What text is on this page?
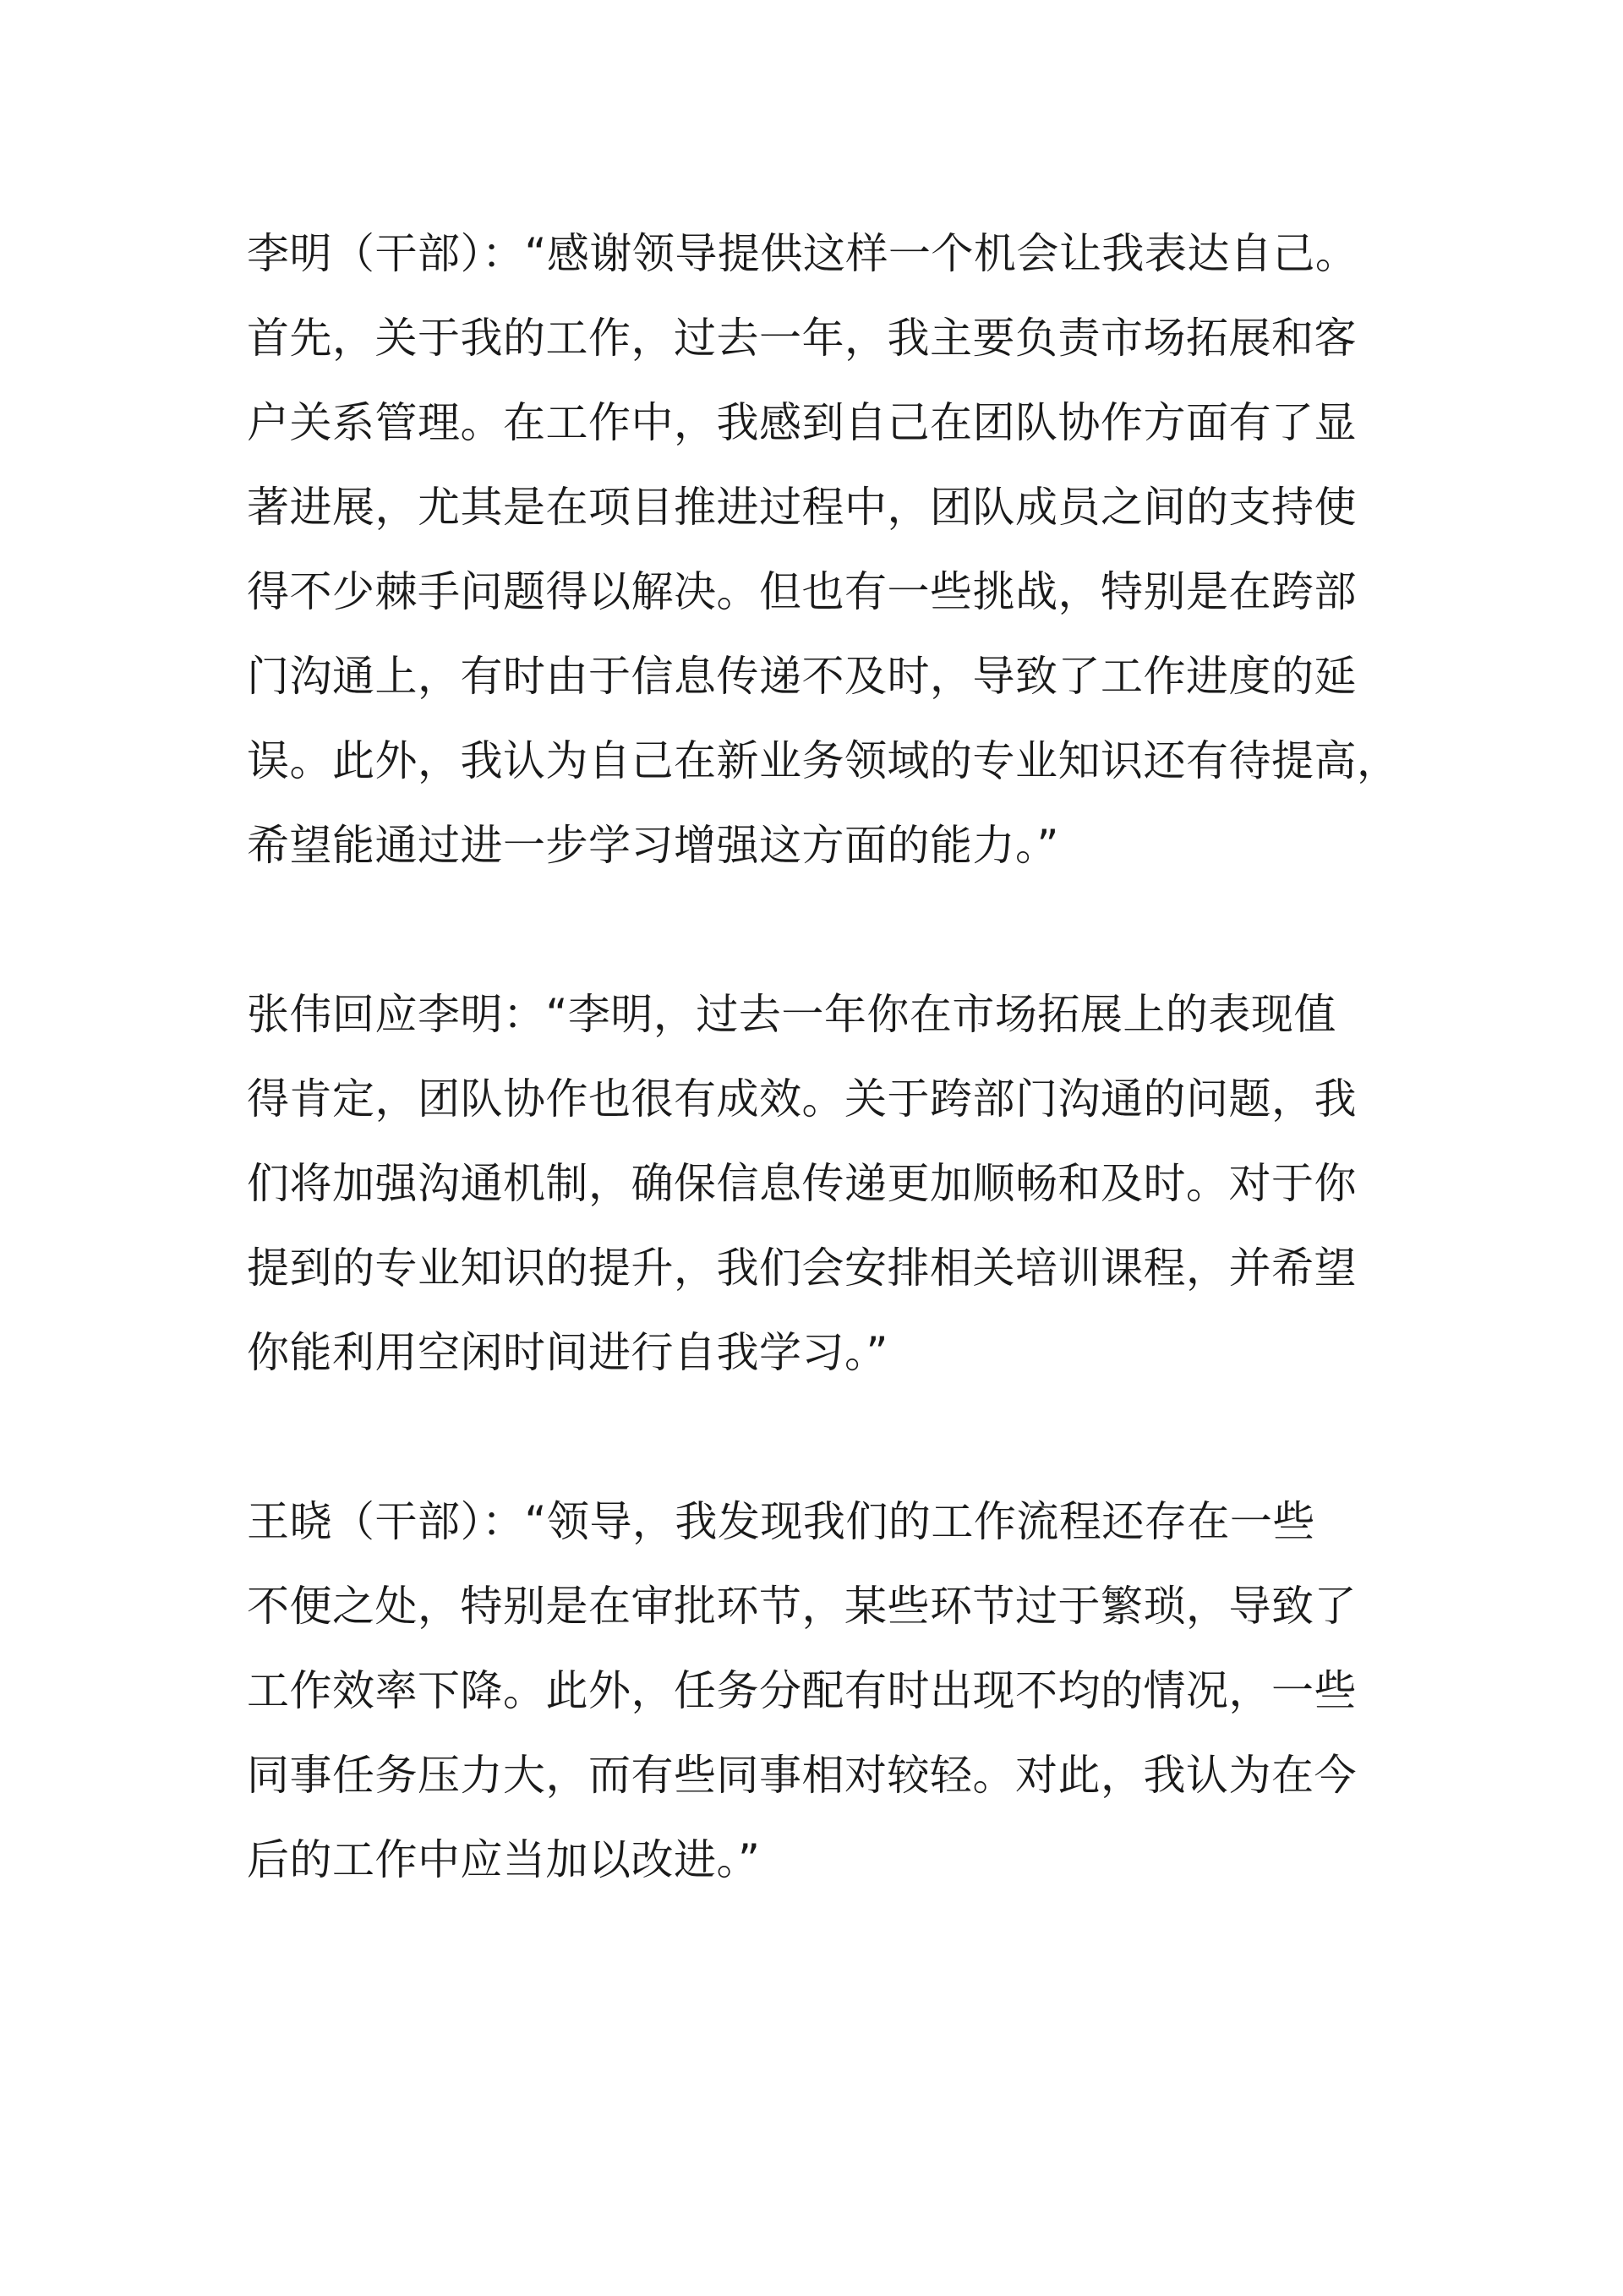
李明（干部）：“感谢领导提供这样一个机会让我表达自己。
首先，关于我的工作，过去一年，我主要负责市场拓展和客
户关系管理。在工作中，我感到自己在团队协作方面有了显
著进展，尤其是在项目推进过程中，团队成员之间的支持使
得不少棘手问题得以解决。但也有一些挑战，特别是在跨部
门沟通上，有时由于信息传递不及时，导致了工作进度的延
误。此外，我认为自己在新业务领域的专业知识还有待提高，
希望能通过进一步学习增强这方面的能力。”

张伟回应李明：“李明，过去一年你在市场拓展上的表现值
得肯定，团队协作也很有成效。关于跨部门沟通的问题，我
们将加强沟通机制，确保信息传递更加顺畅和及时。对于你
提到的专业知识的提升，我们会安排相关培训课程，并希望
你能利用空闲时间进行自我学习。”

王晓（干部）：“领导，我发现我们的工作流程还存在一些
不便之处，特别是在审批环节，某些环节过于繁琐，导致了
工作效率下降。此外，任务分配有时出现不均的情况，一些
同事任务压力大，而有些同事相对较轻。对此，我认为在今
后的工作中应当加以改进。”
